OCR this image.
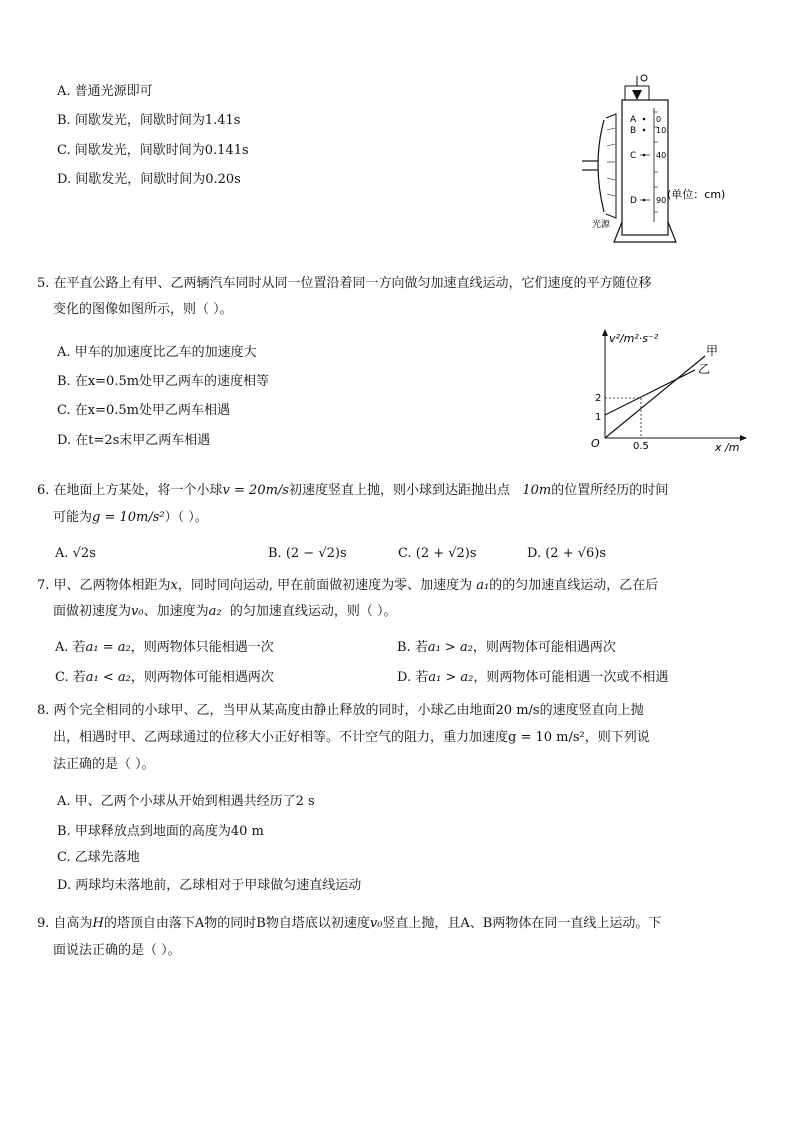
A. 普通光源即可
B. 间歇发光，间歇时间为1.41s
C. 间歇发光，间歇时间为0.141s
D. 间歇发光，间歇时间为0.20s
A
B
C
D
0
10
40
90 (单位：cm)
光源
5. 在平直公路上有甲、乙两辆汽车同时从同一位置沿着同一方向做匀加速直线运动，它们速度的平方随位移
变化的图像如图所示，则（ ）。
A. 甲车的加速度比乙车的加速度大
B. 在x=0.5m处甲乙两车的速度相等
C. 在x=0.5m处甲乙两车相遇
D. 在t=2s末甲乙两车相遇
v²/m²·s⁻²
x /m
O
2
1
0.5
甲
乙
6. 在地面上方某处，将一个小球v = 20m/s初速度竖直上抛，则小球到达距抛出点 10m的位置所经历的时间
可能为g = 10m/s²）（ ）。
A. √2s	B. (2 − √2)s	C. (2 + √2)s	D. (2 + √6)s
7. 甲、乙两物体相距为x，同时同向运动, 甲在前面做初速度为零、加速度为 a₁的的匀加速直线运动，乙在后
面做初速度为v₀、加速度为a₂ 的匀加速直线运动，则（ ）。
A. 若a₁ = a₂，则两物体只能相遇一次	B. 若a₁ > a₂，则两物体可能相遇两次
C. 若a₁ < a₂，则两物体可能相遇两次	D. 若a₁ > a₂，则两物体可能相遇一次或不相遇
8. 两个完全相同的小球甲、乙，当甲从某高度由静止释放的同时，小球乙由地面20 m/s的速度竖直向上抛
出，相遇时甲、乙两球通过的位移大小正好相等。不计空气的阻力，重力加速度g = 10 m/s²，则下列说
法正确的是（ ）。
A. 甲、乙两个小球从开始到相遇共经历了2 s
B. 甲球释放点到地面的高度为40 m
C. 乙球先落地
D. 两球均未落地前，乙球相对于甲球做匀速直线运动
9. 自高为H的塔顶自由落下A物的同时B物自塔底以初速度v₀竖直上抛，且A、B两物体在同一直线上运动。下
面说法正确的是（ ）。
